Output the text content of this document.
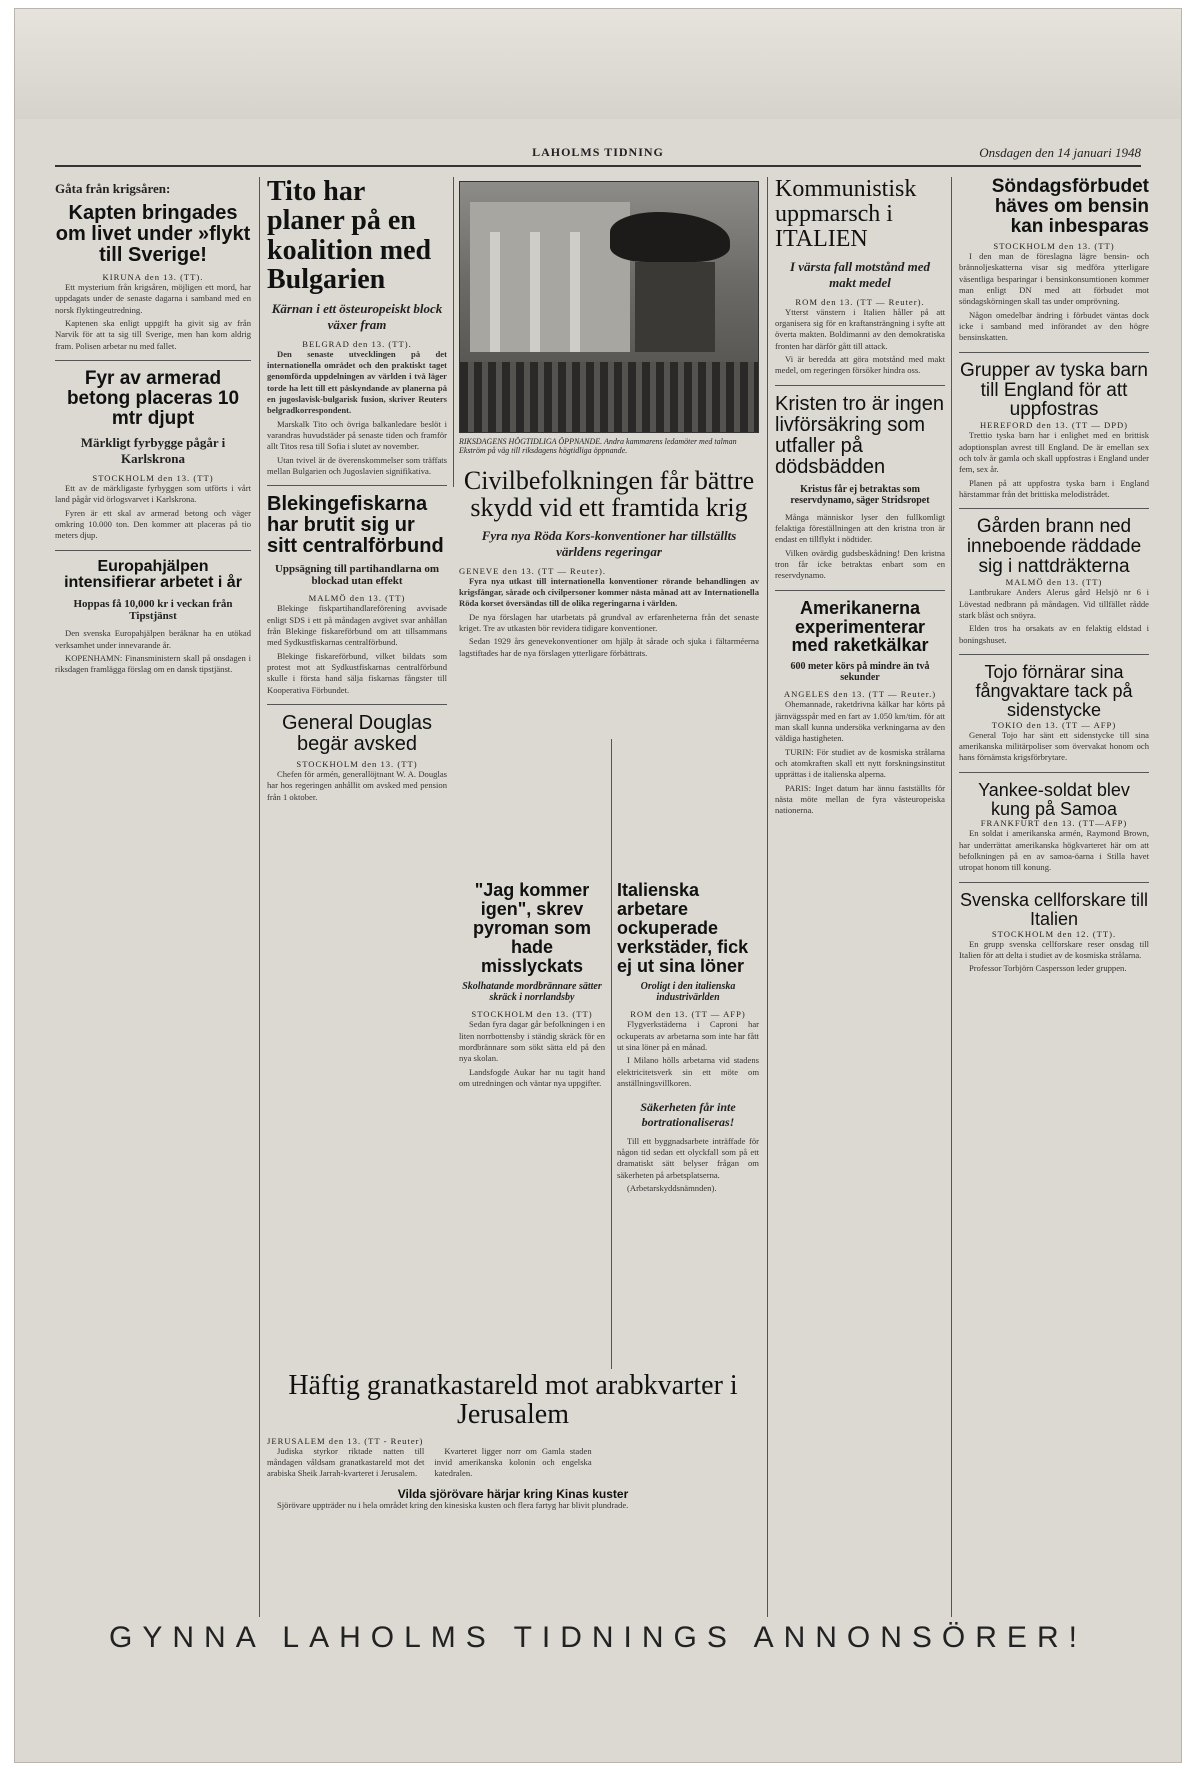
LAHOLMS TIDNING	Onsdagen den 14 januari 1948
Gåta från krigsåren:
Kapten bringades om livet under »flykt till Sverige!
KIRUNA den 13. (TT).

Ett mysterium från krigsåren, möjligen ett mord, har uppdagats under de senaste dagarna i samband med en norsk flyktingeutredning.

Kaptenen ska enligt uppgift ha givit sig av från Narvik för att ta sig till Sverige, men han kom aldrig fram. Polisen arbetar nu med fallet.

Fyr av armerad betong placeras 10 mtr djupt
Märkligt fyrbygge pågår i Karlskrona
STOCKHOLM den 13. (TT)

Ett av de märkligaste fyrbyggen som utförts i vårt land pågår vid örlogsvarvet i Karlskrona.

Fyren är ett skal av armerad betong och väger omkring 10.000 ton. Den kommer att placeras på tio meters djup.

Europahjälpen intensifierar arbetet i år
Hoppas få 10,000 kr i veckan från Tipstjänst

Den svenska Europahjälpen beräknar ha en utökad verksamhet under innevarande år.

KOPENHAMN: Finansministern skall på onsdagen i riksdagen framlägga förslag om en dansk tipstjänst.

Tito har planer på en koalition med Bulgarien
Kärnan i ett östeuropeiskt block växer fram
BELGRAD den 13. (TT).

Den senaste utvecklingen på det internationella området och den praktiskt taget genomförda uppdelningen av världen i två läger torde ha lett till ett påskyndande av planerna på en jugoslavisk-bulgarisk fusion, skriver Reuters belgradkorrespondent.

Marskalk Tito och övriga balkanledare beslöt i varandras huvudstäder på senaste tiden och framför allt Titos resa till Sofia i slutet av november.

Utan tvivel är de överenskommelser som träffats mellan Bulgarien och Jugoslavien signifikativa.

Blekingefiskarna har brutit sig ur sitt centralförbund
Uppsägning till partihandlarna om blockad utan effekt
MALMÖ den 13. (TT)

Blekinge fiskpartihandlareförening avvisade enligt SDS i ett på måndagen avgivet svar anhållan från Blekinge fiskareförbund om att tillsammans med Sydkustfiskarnas centralförbund.

Blekinge fiskareförbund, vilket bildats som protest mot att Sydkustfiskarnas centralförbund skulle i första hand sälja fiskarnas fångster till Kooperativa Förbundet.

General Douglas begär avsked
STOCKHOLM den 13. (TT)

Chefen för armén, generallöjtnant W. A. Douglas har hos regeringen anhållit om avsked med pension från 1 oktober.

RIKSDAGENS HÖGTIDLIGA ÖPPNANDE. Andra kammarens ledamöter med talman Ekström på väg till riksdagens högtidliga öppnande.
Civilbefolkningen får bättre skydd vid ett framtida krig
Fyra nya Röda Kors-konventioner har tillställts världens regeringar
GENEVE den 13. (TT — Reuter).

Fyra nya utkast till internationella konventioner rörande behandlingen av krigsfångar, sårade och civilpersoner kommer nästa månad att av Internationella Röda korset översändas till de olika regeringarna i världen.

De nya förslagen har utarbetats på grundval av erfarenheterna från det senaste kriget. Tre av utkasten bör revidera tidigare konventioner.

Sedan 1929 års genevekonventioner om hjälp åt sårade och sjuka i fältarméerna lagstiftades har de nya förslagen ytterligare förbättrats.

"Jag kommer igen", skrev pyroman som hade misslyckats
Skolhatande mordbrännare sätter skräck i norrlandsby
STOCKHOLM den 13. (TT)

Sedan fyra dagar går befolkningen i en liten norrbottensby i ständig skräck för en mordbrännare som sökt sätta eld på den nya skolan.

Landsfogde Aukar har nu tagit hand om utredningen och väntar nya uppgifter.

Italienska arbetare ockuperade verkstäder, fick ej ut sina löner
Oroligt i den italienska industrivärlden
ROM den 13. (TT — AFP)

Flygverkstäderna i Caproni har ockuperats av arbetarna som inte har fått ut sina löner på en månad.

I Milano hölls arbetarna vid stadens elektricitetsverk sin ett möte om anställningsvillkoren.

Säkerheten får inte bortrationaliseras!

Till ett byggnadsarbete inträffade för någon tid sedan ett olyckfall som på ett dramatiskt sätt belyser frågan om säkerheten på arbetsplatserna.

(Arbetarskyddsnämnden).

Häftig granatkastareld mot arabkvarter i Jerusalem
JERUSALEM den 13. (TT - Reuter)

Judiska styrkor riktade natten till måndagen våldsam granatkastareld mot det arabiska Sheik Jarrah-kvarteret i Jerusalem.

Kvarteret ligger norr om Gamla staden invid amerikanska kolonin och engelska katedralen.

Vilda sjörövare härjar kring Kinas kuster

Sjörövare uppträder nu i hela området kring den kinesiska kusten och flera fartyg har blivit plundrade.

Kommunistisk uppmarsch i ITALIEN
I värsta fall motstånd med makt medel
ROM den 13. (TT — Reuter).

Ytterst vänstern i Italien håller på att organisera sig för en kraftansträngning i syfte att överta makten. Boldimanni av den demokratiska fronten har därför gått till attack.

Vi är beredda att göra motstånd med makt medel, om regeringen försöker hindra oss.

Kristen tro är ingen livförsäkring som utfaller på dödsbädden
Kristus får ej betraktas som reservdynamo, säger Stridsropet

Många människor lyser den fullkomligt felaktiga föreställningen att den kristna tron är endast en tillflykt i nödtider.

Vilken ovärdig gudsbeskådning! Den kristna tron får icke betraktas enbart som en reservdynamo.

Amerikanerna experimenterar med raketkälkar
600 meter körs på mindre än två sekunder
ANGELES den 13. (TT — Reuter.)

Ohemannade, raketdrivna kälkar har körts på järnvägsspår med en fart av 1.050 km/tim. för att man skall kunna undersöka verkningarna av den väldiga hastigheten.

TURIN: För studiet av de kosmiska strålarna och atomkraften skall ett nytt forskningsinstitut upprättas i de italienska alperna.

PARIS: Inget datum har ännu fastställts för nästa möte mellan de fyra västeuropeiska nationerna.

Söndagsförbudet häves om bensin kan inbesparas
STOCKHOLM den 13. (TT)

I den man de föreslagna lägre bensin- och brännoljeskatterna visar sig medföra ytterligare väsentliga besparingar i bensinkonsumtionen kommer man enligt DN med att förbudet mot söndagskörningen skall tas under omprövning.

Någon omedelbar ändring i förbudet väntas dock icke i samband med införandet av den högre bensinskatten.

Grupper av tyska barn till England för att uppfostras
HEREFORD den 13. (TT — DPD)

Trettio tyska barn har i enlighet med en brittisk adoptionsplan avrest till England. De är emellan sex och tolv år gamla och skall uppfostras i England under fem, sex år.

Planen på att uppfostra tyska barn i England härstammar från det brittiska melodistrådet.

Gården brann ned inneboende räddade sig i nattdräkterna
MALMÖ den 13. (TT)

Lantbrukare Anders Alerus gård Helsjö nr 6 i Lövestad nedbrann på måndagen. Vid tillfället rådde stark blåst och snöyra.

Elden tros ha orsakats av en felaktig eldstad i boningshuset.

Tojo förnärar sina fångvaktare tack på sidenstycke
TOKIO den 13. (TT — AFP)

General Tojo har sänt ett sidenstycke till sina amerikanska militärpoliser som övervakat honom och hans förnämsta krigsförbrytare.

Yankee-soldat blev kung på Samoa
FRANKFURT den 13. (TT—AFP)

En soldat i amerikanska armén, Raymond Brown, har underrättat amerikanska högkvarteret här om att befolkningen på en av samoa-öarna i Stilla havet utropat honom till konung.

Svenska cellforskare till Italien
STOCKHOLM den 12. (TT).

En grupp svenska cellforskare reser onsdag till Italien för att delta i studiet av de kosmiska strålarna.

Professor Torbjörn Caspersson leder gruppen.

GYNNA LAHOLMS TIDNINGS ANNONSÖRER!
